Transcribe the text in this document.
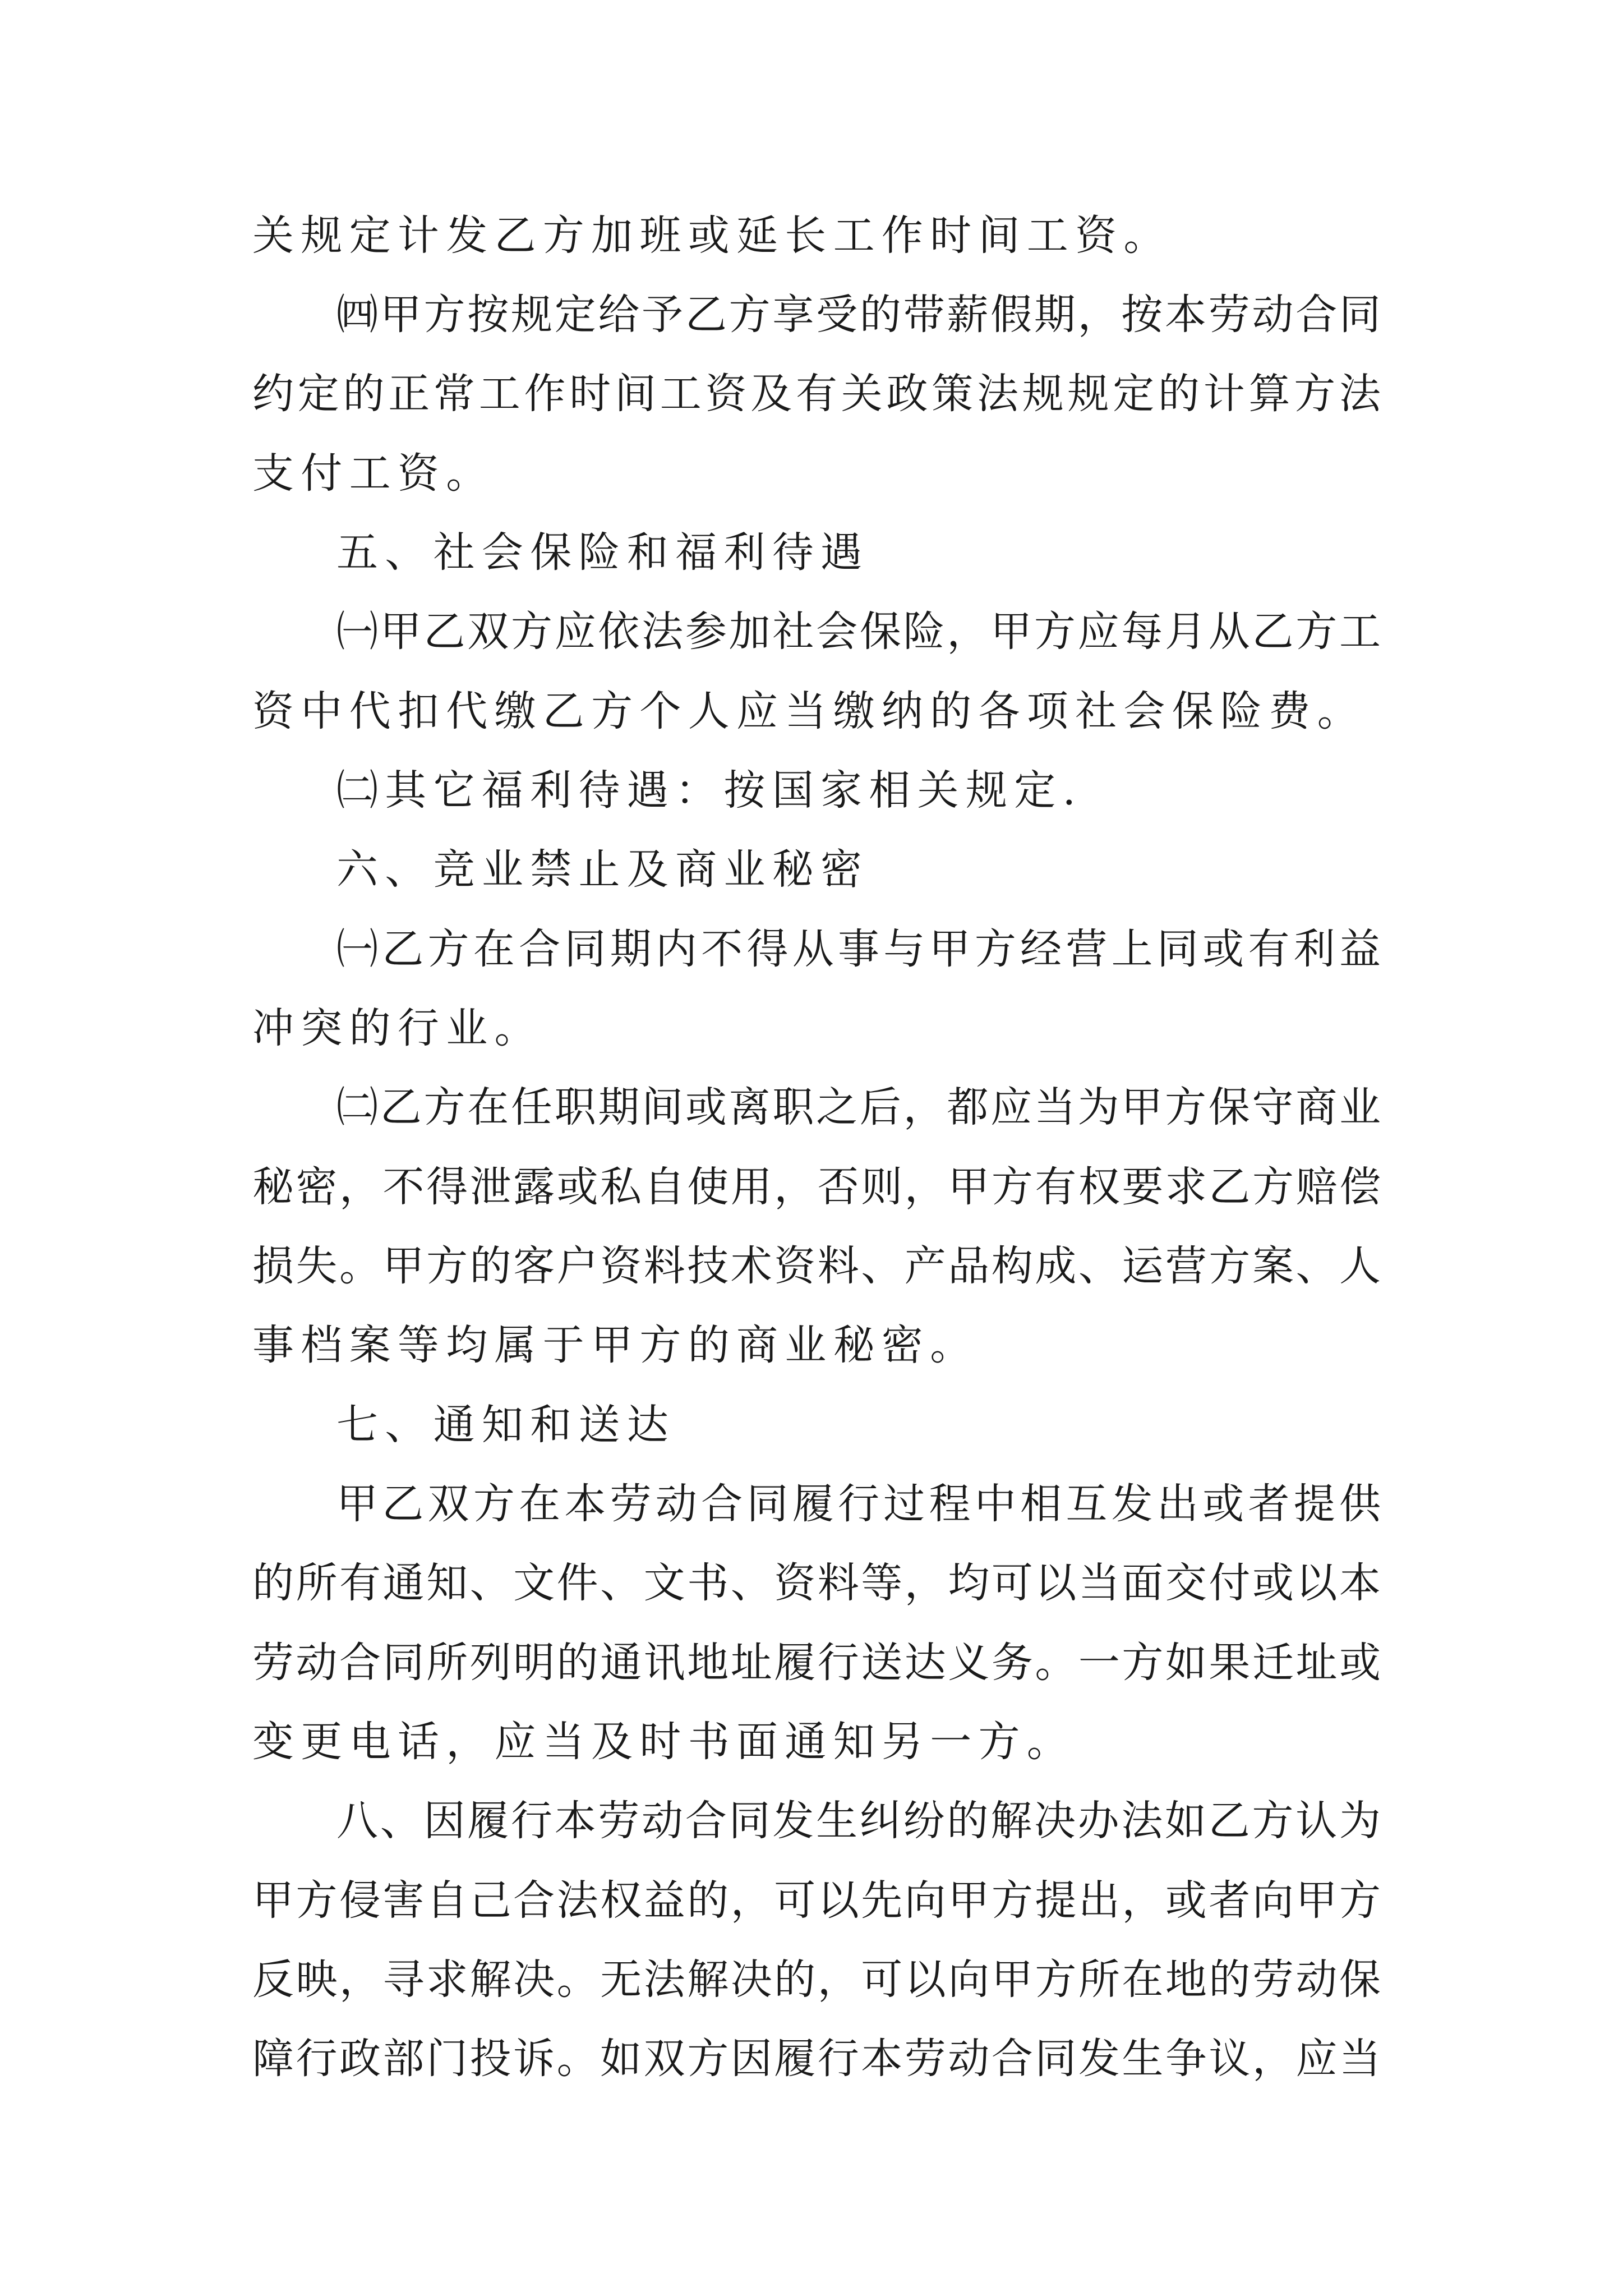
关规定计发乙方加班或延长工作时间工资。

㈣甲方按规定给予乙方享受的带薪假期，按本劳动合同

约定的正常工作时间工资及有关政策法规规定的计算方法

支付工资。

五、社会保险和福利待遇

㈠甲乙双方应依法参加社会保险，甲方应每月从乙方工

资中代扣代缴乙方个人应当缴纳的各项社会保险费。

㈡其它福利待遇：按国家相关规定.

六、竞业禁止及商业秘密

㈠乙方在合同期内不得从事与甲方经营上同或有利益

冲突的行业。

㈡乙方在任职期间或离职之后，都应当为甲方保守商业

秘密，不得泄露或私自使用，否则，甲方有权要求乙方赔偿

损失。甲方的客户资料技术资料、产品构成、运营方案、人

事档案等均属于甲方的商业秘密。

七、通知和送达

甲乙双方在本劳动合同履行过程中相互发出或者提供

的所有通知、文件、文书、资料等，均可以当面交付或以本

劳动合同所列明的通讯地址履行送达义务。一方如果迁址或

变更电话，应当及时书面通知另一方。

八、因履行本劳动合同发生纠纷的解决办法如乙方认为

甲方侵害自己合法权益的，可以先向甲方提出，或者向甲方

反映，寻求解决。无法解决的，可以向甲方所在地的劳动保

障行政部门投诉。如双方因履行本劳动合同发生争议，应当
